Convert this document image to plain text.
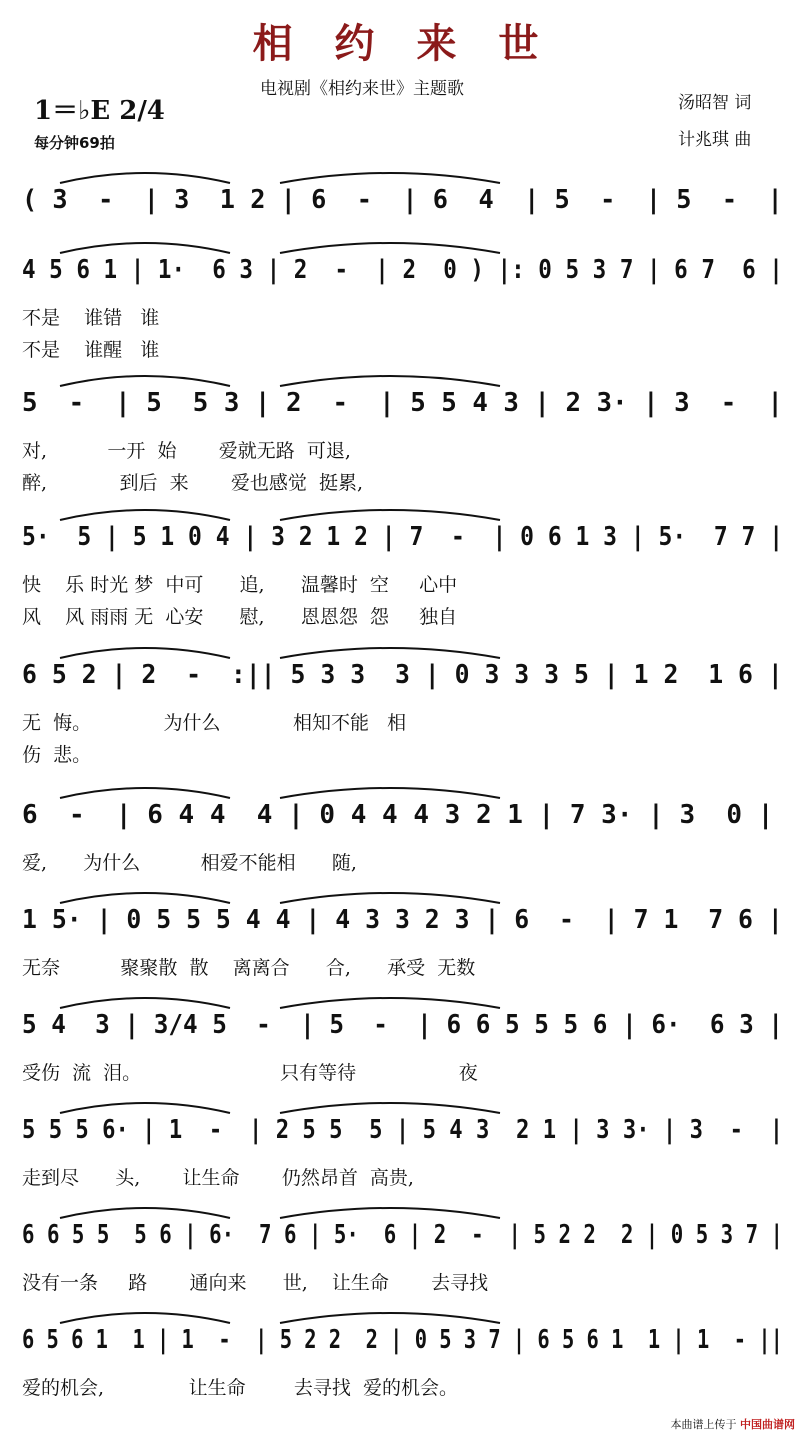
相 约 来 世
电视剧《相约来世》主题歌
汤昭智 词
计兆琪 曲
1＝♭E 2/4
每分钟69拍
( 3  -  | 3  1 2 | 6  -  | 6  4  | 5  -  | 5  -  |
4 5 6 1 | 1·  6 3 | 2  -  | 2  0 ) |: 0 5 3 7 | 6 7  6 |
不是    谁错   谁
不是    谁醒   谁
5  -  | 5  5 3 | 2  -  | 5 5 4 3 | 2 3· | 3  -  |
对,          一开  始       爱就无路  可退,
醉,            到后  来       爱也感觉  挺累,
5·  5 | 5 1 0 4 | 3 2 1 2 | 7  -  | 0 6 1 3 | 5·  7 7 |
快    乐 时光 梦  中可      追,      温馨时  空     心中
风    风 雨雨 无  心安      慰,      恩恩怨  怨     独自
6 5 2 | 2  -  :|| 5 3 3  3 | 0 3 3 3 5 | 1 2  1 6 |
无  悔。            为什么            相知不能   相
伤  悲。
6  -  | 6 4 4  4 | 0 4 4 4 3 2 1 | 7 3· | 3  0 |
爱,      为什么          相爱不能相      随,
1 5· | 0 5 5 5 4 4 | 4 3 3 2 3 | 6  -  | 7 1  7 6 |
无奈          聚聚散  散    离离合      合,      承受  无数
5 4  3 | 3/4 5  -  | 5  -  | 6 6 5 5 5 6 | 6·  6 3 |
受伤  流  泪。                       只有等待                 夜
5 5 5 6· | 1  -  | 2 5 5  5 | 5 4 3  2 1 | 3 3· | 3  -  |
走到尽      头,       让生命       仍然昂首  高贵,
6 6 5 5  5 6 | 6·  7 6 | 5·  6 | 2  -  | 5 2 2  2 | 0 5 3 7 |
没有一条     路       通向来      世,    让生命       去寻找
6 5 6 1  1 | 1  -  | 5 2 2  2 | 0 5 3 7 | 6 5 6 1  1 | 1  - ||
爱的机会,              让生命        去寻找  爱的机会。
本曲谱上传于 中国曲谱网
